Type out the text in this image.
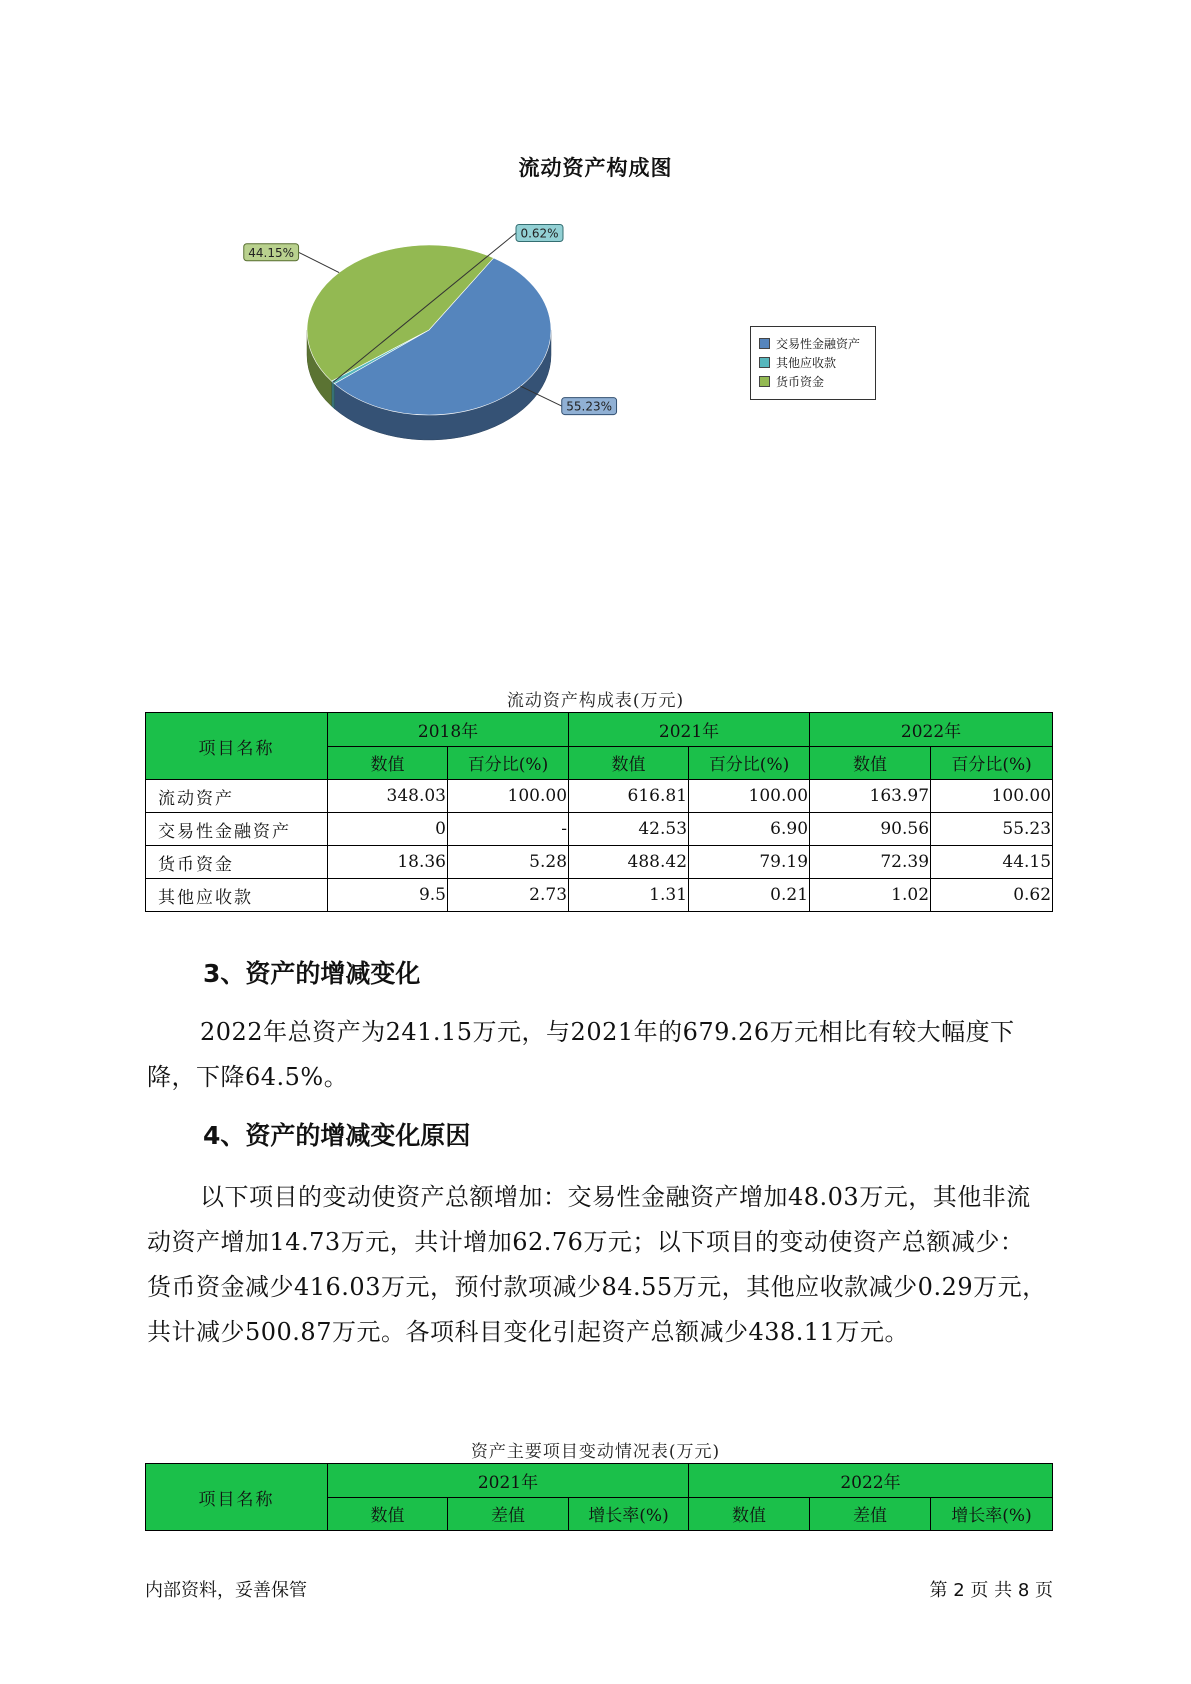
流动资产构成图
55.23%
0.62%
44.15%
交易性金融资产
其他应收款
货币资金
流动资产构成表(万元)
项目名称	2018年		2021年		2022年	
	数值	百分比(%)	数值	百分比(%)	数值	百分比(%)
流动资产	348.03	100.00	616.81	100.00	163.97	100.00
交易性金融资产	0	-	42.53	6.90	90.56	55.23
货币资金	18.36	5.28	488.42	79.19	72.39	44.15
其他应收款	9.5	2.73	1.31	0.21	1.02	0.62
3、资产的增减变化

2022年总资产为241.15万元，与2021年的679.26万元相比有较大幅度下降，下降64.5%。

4、资产的增减变化原因

以下项目的变动使资产总额增加：交易性金融资产增加48.03万元，其他非流动资产增加14.73万元，共计增加62.76万元；以下项目的变动使资产总额减少：货币资金减少416.03万元，预付款项减少84.55万元，其他应收款减少0.29万元，共计减少500.87万元。各项科目变化引起资产总额减少438.11万元。

资产主要项目变动情况表(万元)
项目名称	2021年			2022年		
	数值	差值	增长率(%)	数值	差值	增长率(%)
内部资料，妥善保管	第 2 页 共 8 页
